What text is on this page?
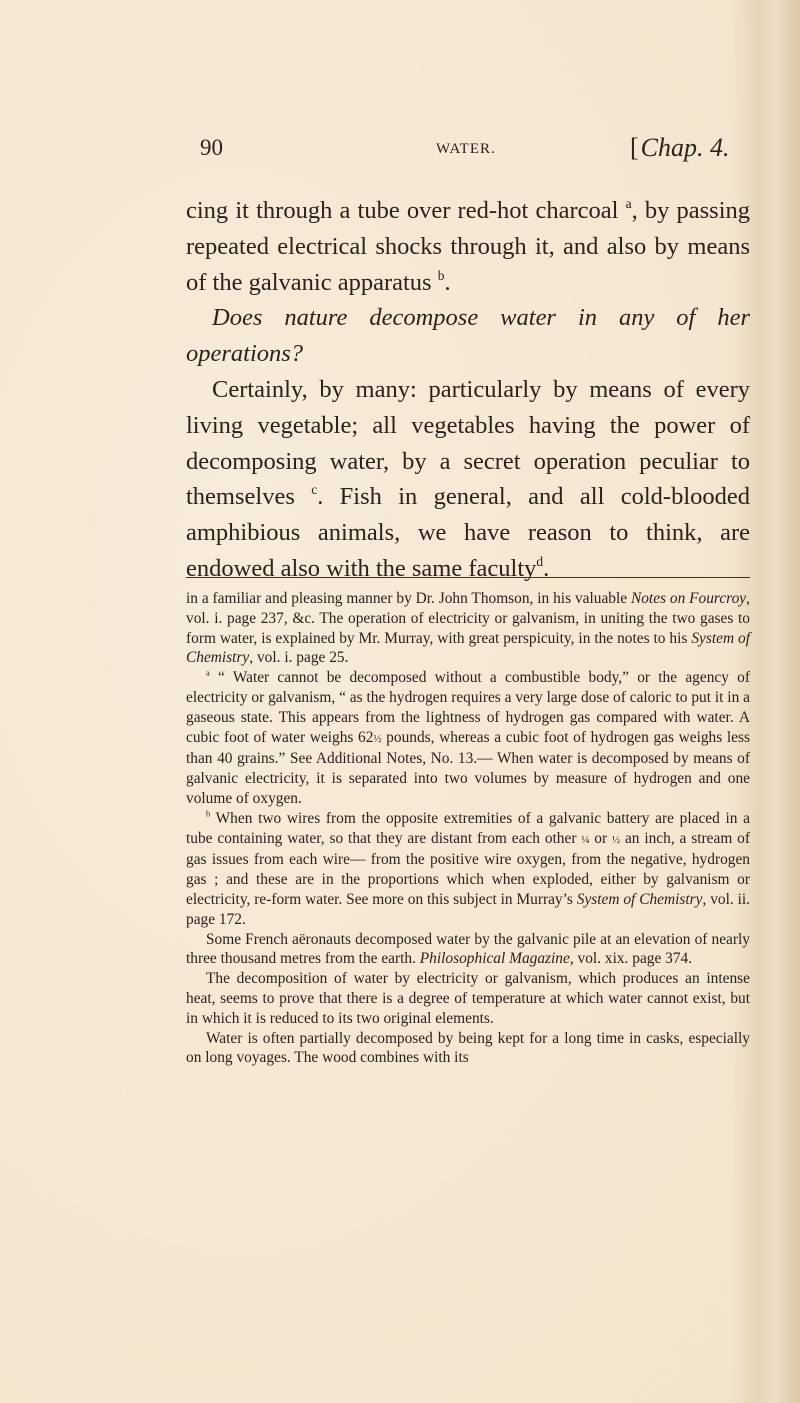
90	WATER.	[Chap. 4.

cing it through a tube over red-hot charcoal $^a$, by passing repeated electrical shocks through it, and also by means of the galvanic apparatus $^b$.

Does nature decompose water in any of her operations?

Certainly, by many: particularly by means of every living vegetable; all vegetables having the power of decomposing water, by a secret operation peculiar to themselves $^c$. Fish in general, and all cold-blooded amphibious animals, we have reason to think, are endowed also with the same faculty$^d$.

in a familiar and pleasing manner by Dr. John Thomson, in his valuable Notes on Fourcroy, vol. i. page 237, &c. The operation of electricity or galvanism, in uniting the two gases to form water, is explained by Mr. Murray, with great perspicuity, in the notes to his System of Chemistry, vol. i. page 25.

$^a$ “ Water cannot be decomposed without a combustible body,” or the agency of electricity or galvanism, “ as the hydrogen requires a very large dose of caloric to put it in a gaseous state. This appears from the lightness of hydrogen gas compared with water. A cubic foot of water weighs 62½ pounds, whereas a cubic foot of hydrogen gas weighs less than 40 grains.” See Additional Notes, No. 13.— When water is decomposed by means of galvanic electricity, it is separated into two volumes by measure of hydrogen and one volume of oxygen.

$^b$ When two wires from the opposite extremities of a galvanic battery are placed in a tube containing water, so that they are distant from each other ¼ or ½ an inch, a stream of gas issues from each wire— from the positive wire oxygen, from the negative, hydrogen gas ; and these are in the proportions which when exploded, either by galvanism or electricity, re-form water. See more on this subject in Murray’s System of Chemistry, vol. ii. page 172.

Some French aëronauts decomposed water by the galvanic pile at an elevation of nearly three thousand metres from the earth. Philosophical Magazine, vol. xix. page 374.

The decomposition of water by electricity or galvanism, which produces an intense heat, seems to prove that there is a degree of temperature at which water cannot exist, but in which it is reduced to its two original elements.

Water is often partially decomposed by being kept for a long time in casks, especially on long voyages. The wood combines with its
